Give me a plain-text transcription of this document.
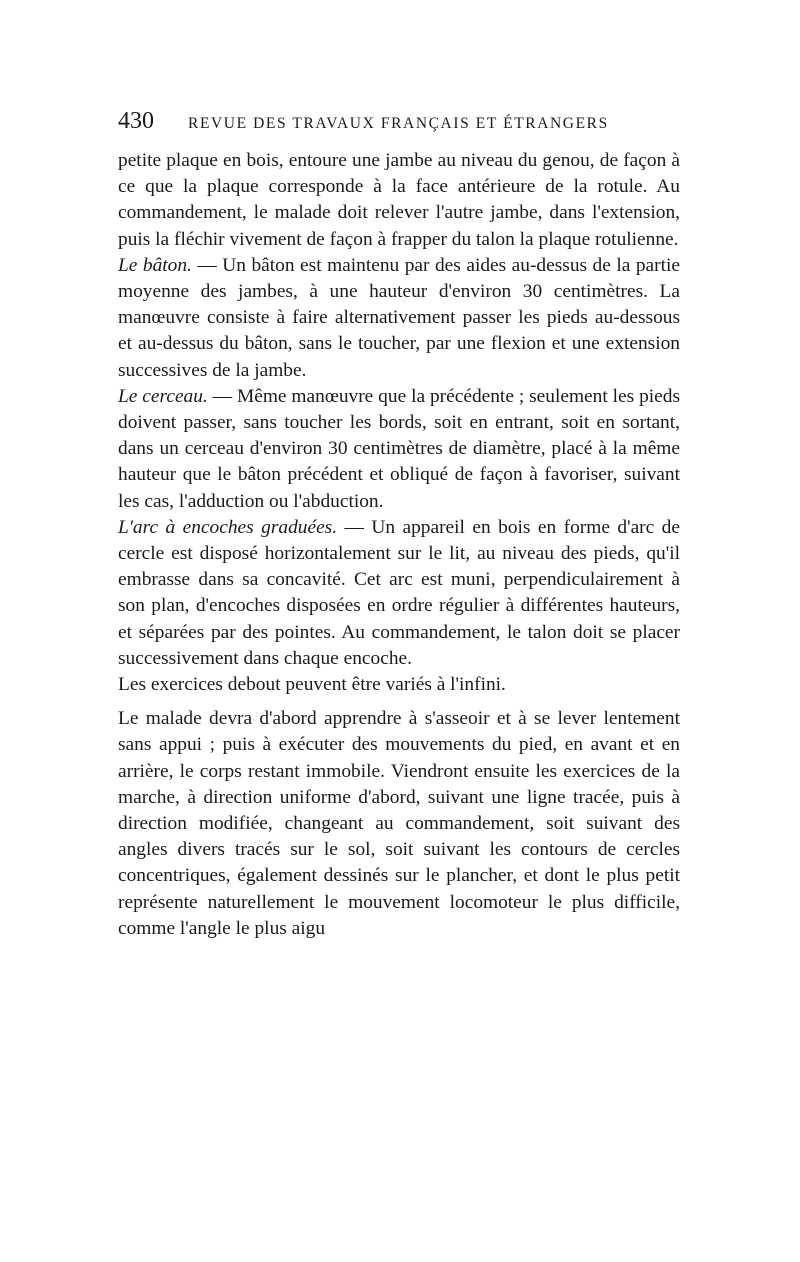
430 REVUE DES TRAVAUX FRANÇAIS ET ÉTRANGERS

petite plaque en bois, entoure une jambe au niveau du genou, de façon à ce que la plaque corresponde à la face antérieure de la rotule. Au commandement, le malade doit relever l'autre jambe, dans l'extension, puis la fléchir vivement de façon à frapper du talon la plaque rotulienne.

Le bâton. — Un bâton est maintenu par des aides au-dessus de la partie moyenne des jambes, à une hauteur d'environ 30 centimètres. La manœuvre consiste à faire alternativement passer les pieds au-dessous et au-dessus du bâton, sans le toucher, par une flexion et une extension successives de la jambe.

Le cerceau. — Même manœuvre que la précédente ; seulement les pieds doivent passer, sans toucher les bords, soit en entrant, soit en sortant, dans un cerceau d'environ 30 centimètres de diamètre, placé à la même hauteur que le bâton précédent et obliqué de façon à favoriser, suivant les cas, l'adduction ou l'abduction.

L'arc à encoches graduées. — Un appareil en bois en forme d'arc de cercle est disposé horizontalement sur le lit, au niveau des pieds, qu'il embrasse dans sa concavité. Cet arc est muni, perpendiculairement à son plan, d'encoches disposées en ordre régulier à différentes hauteurs, et séparées par des pointes. Au commandement, le talon doit se placer successivement dans chaque encoche.

Les exercices debout peuvent être variés à l'infini.

Le malade devra d'abord apprendre à s'asseoir et à se lever lentement sans appui ; puis à exécuter des mouvements du pied, en avant et en arrière, le corps restant immobile. Viendront ensuite les exercices de la marche, à direction uniforme d'abord, suivant une ligne tracée, puis à direction modifiée, changeant au commandement, soit suivant des angles divers tracés sur le sol, soit suivant les contours de cercles concentriques, également dessinés sur le plancher, et dont le plus petit représente naturellement le mouvement locomoteur le plus difficile, comme l'angle le plus aigu
